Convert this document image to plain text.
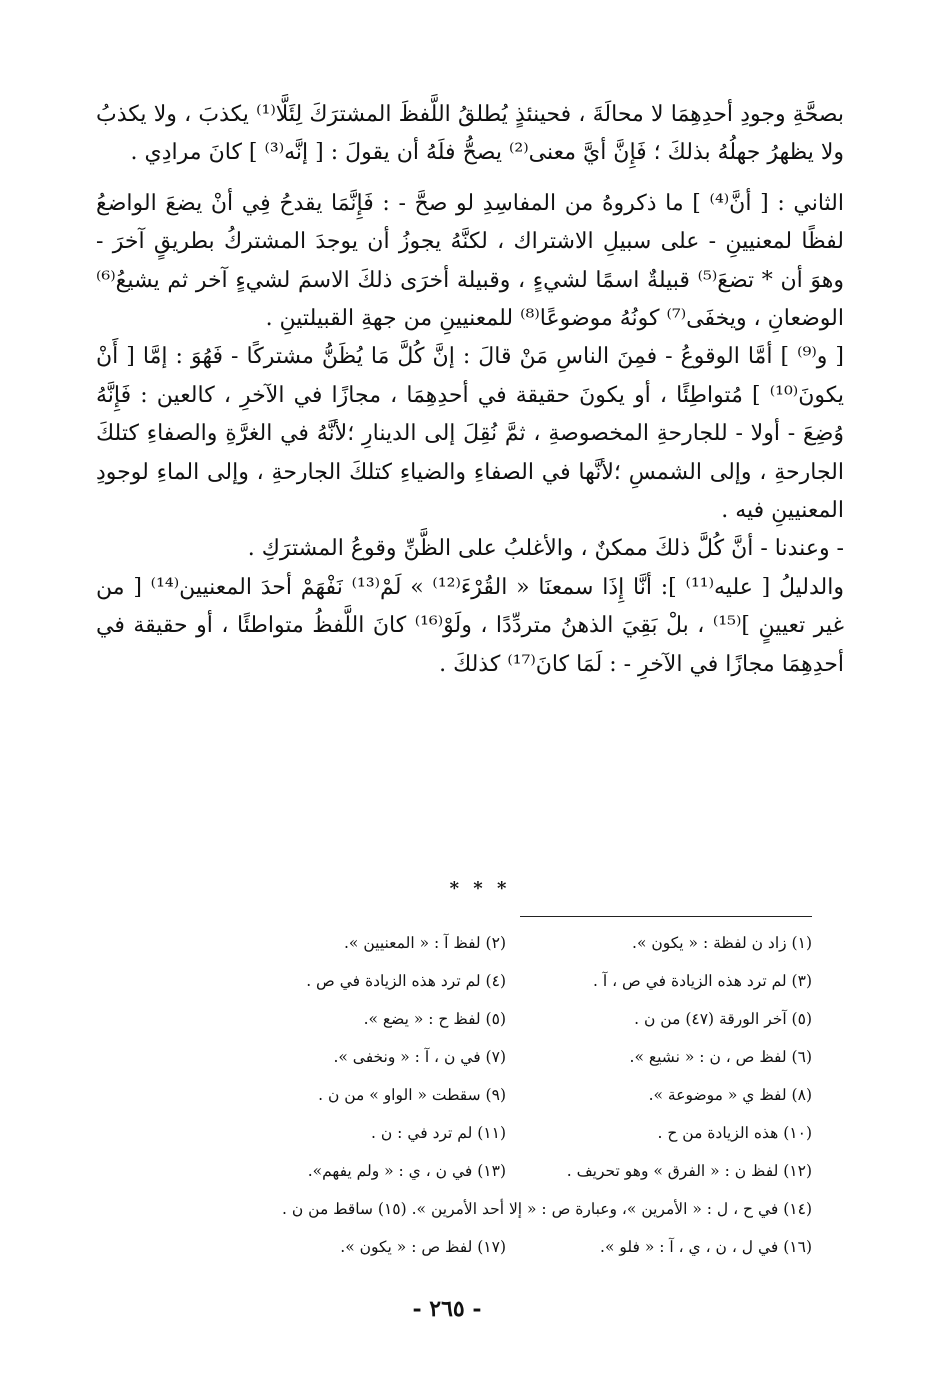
بصحَّةِ وجودِ أحدِهِمَا لا محالَةَ ، فحينئذٍ يُطلقُ اللَّفظَ المشترَكَ لِئَلَّا⁽¹⁾ يكذبَ ، ولا يكذبُ ولا يظهرُ جهلُهُ بذلكَ ؛ فَإِنَّ أيَّ معنى⁽²⁾ يصحُّ فلَهُ أن يقولَ : [ إنَّه⁽³⁾ ] كانَ مرادِي .

الثاني : [ أنَّ⁽⁴⁾ ] ما ذكروهُ من المفاسِدِ لو صحَّ - : فَإِنَّمَا يقدحُ فِي أنْ يضعَ الواضعُ لفظًا لمعنيينِ - على سبيلِ الاشتراك ، لكنَّهُ يجوزُ أن يوجدَ المشتركُ بطريقٍ آخرَ - وهوَ أن * تضعَ⁽⁵⁾ قبيلةٌ اسمًا لشيءٍ ، وقبيلة أخرَى ذلكَ الاسمَ لشيءٍ آخر ثم يشيعُ⁽⁶⁾ الوضعانِ ، ويخفَى⁽⁷⁾ كونُهُ موضوعًا⁽⁸⁾ للمعنيينِ من جهةِ القبيلتينِ .

[ و⁽⁹⁾ ] أمَّا الوقوعُ - فمِنَ الناسِ مَنْ قالَ : إنَّ كُلَّ مَا يُظَنُّ مشتركًا - فَهُوَ : إمَّا [ أَنْ يكونَ⁽¹⁰⁾ ] مُتواطِئًا ، أو يكونَ حقيقة في أحدِهِمَا ، مجازًا في الآخرِ ، كالعين : فَإِنَّهُ وُضِعَ - أولا - للجارحةِ المخصوصةِ ، ثمَّ نُقِلَ إلى الدينارِ ؛لأنَّهُ في الغرَّةِ والصفاءِ كتلكَ الجارحةِ ، وإلى الشمسِ ؛لأنَّها في الصفاءِ والضياءِ كتلكَ الجارحةِ ، وإلى الماءِ لوجودِ المعنيينِ فيه .

- وعندنا - أنَّ كُلَّ ذلكَ ممكنٌ ، والأغلبُ على الظَّنِّ وقوعُ المشترَكِ .

والدليلُ [ عليه⁽¹¹⁾ ]: أنَّا إِذَا سمعنَا « القُرْءَ⁽¹²⁾ » لَمْ⁽¹³⁾ نَفْهَمْ أحدَ المعنيين⁽¹⁴⁾ [ من غير تعيينٍ ]⁽¹⁵⁾ ، بلْ بَقِيَ الذهنُ متردِّدًا ، ولَوْ⁽¹⁶⁾ كانَ اللَّفظُ متواطئًا ، أو حقيقة في أحدِهِمَا مجازًا في الآخرِ - : لَمَا كانَ⁽¹⁷⁾ كذلكَ .

* * *
(١) زاد ن لفظة : « يكون ».
(٢) لفظ آ : « المعنيين ».
(٣) لم ترد هذه الزيادة في ص ، آ .
(٤) لم ترد هذه الزيادة في ص .
(٥) آخر الورقة (٤٧) من ن .
(٥) لفظ ح : « يضع ».
(٦) لفظ ص ، ن : « نشيع ».
(٧) في ن ، آ : « ونخفى ».
(٨) لفظ ي « موضوعة ».
(٩) سقطت « الواو » من ن .
(١٠) هذه الزيادة من ح .
(١١) لم ترد في : ن .
(١٢) لفظ ن : « الفرق » وهو تحريف .
(١٣) في ن ، ي : « ولم يفهم».
(١٤) في ح ، ل : « الأمرين »، وعبارة ص : « إلا أحد الأمرين ». (١٥) ساقط من ن .
(١٦) في ل ، ن ، ي ، آ : « فلو ».
(١٧) لفظ ص : « يكون ».
- ٢٦٥ -
